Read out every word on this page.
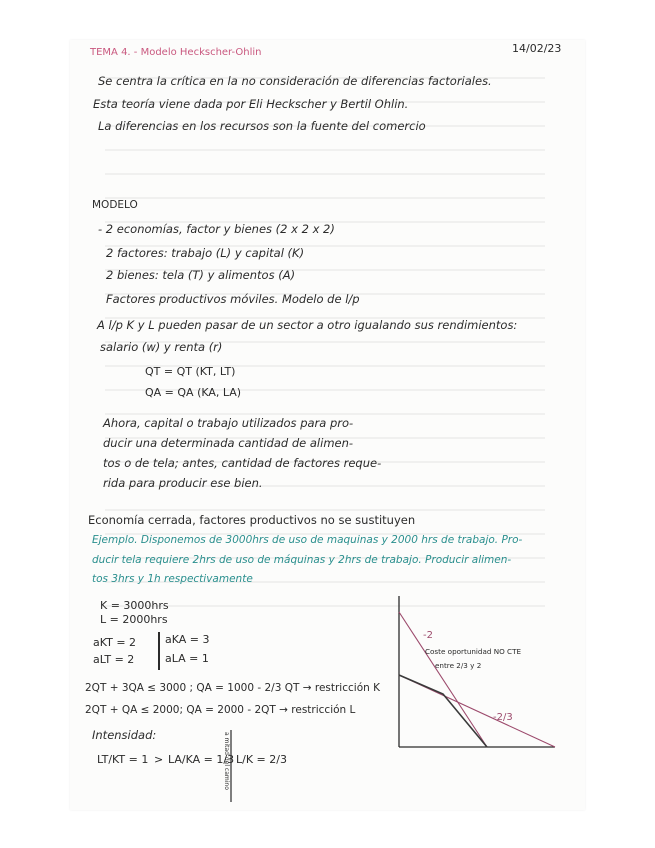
TEMA 4. - Modelo Heckscher-Ohlin	14/02/23
Se centra la crítica en la no consideración de diferencias factoriales.
Esta teoría viene dada por Eli Heckscher y Bertil Ohlin.
La diferencias en los recursos son la fuente del comercio
MODELO
- 2 economías, factor y bienes (2 x 2 x 2)
2 factores: trabajo (L) y capital (K)
2 bienes: tela (T) y alimentos (A)
Factores productivos móviles. Modelo de l/p
A l/p K y L pueden pasar de un sector a otro igualando sus rendimientos:
salario (w) y renta (r)
QT = QT (KT, LT)
QA = QA (KA, LA)
Ahora, capital o trabajo utilizados para pro-
ducir una determinada cantidad de alimen-
tos o de tela; antes, cantidad de factores reque-
rida para producir ese bien.
Economía cerrada, factores productivos no se sustituyen
Ejemplo. Disponemos de 3000hrs de uso de maquinas y 2000 hrs de trabajo. Pro-
ducir tela requiere 2hrs de uso de máquinas y 2hrs de trabajo. Producir alimen-
tos 3hrs y 1h respectivamente
K = 3000hrs
L = 2000hrs
aKT = 2
aLT = 2
aKA = 3
aLA = 1
2QT + 3QA ≤ 3000 ; QA = 1000 - 2/3 QT → restricción K
2QT + QA ≤ 2000; QA = 2000 - 2QT → restricción L
Intensidad:
LT/KT = 1 > LA/KA = 1/3 L/K = 2/3
a mitad del camino
-2
-2/3
Coste oportunidad NO CTE
entre 2/3 y 2
